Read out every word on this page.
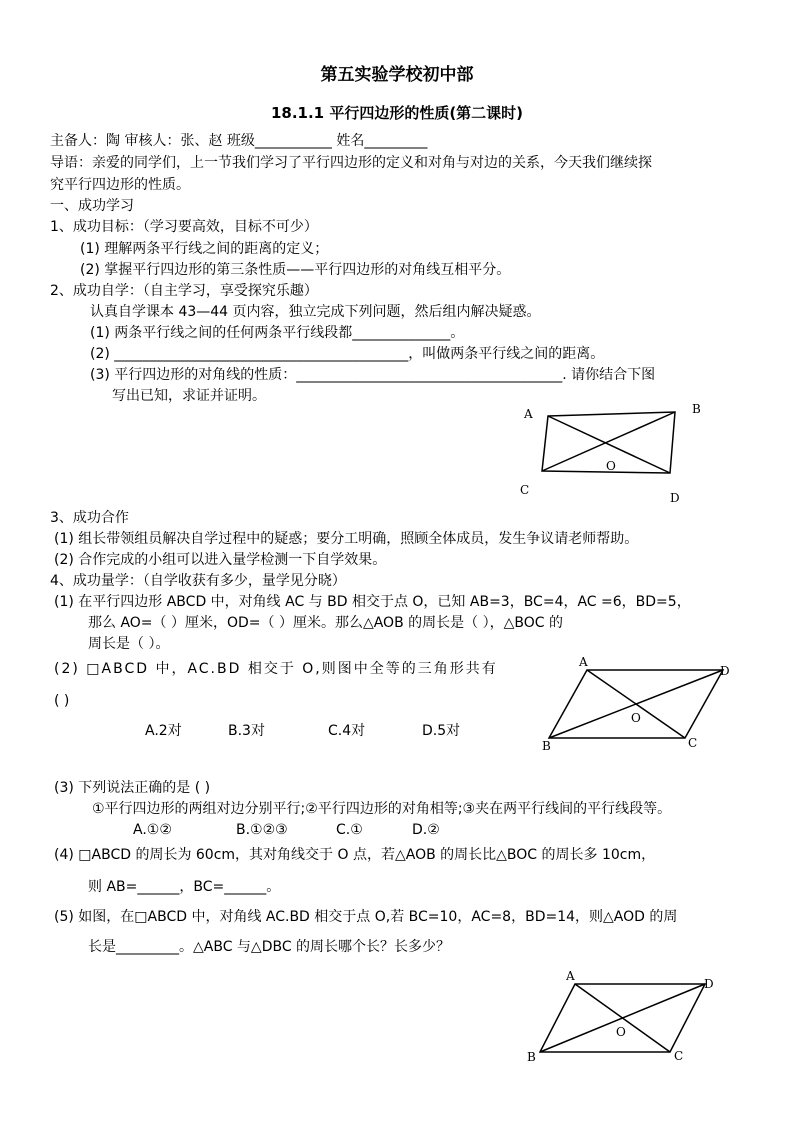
第五实验学校初中部
18.1.1 平行四边形的性质(第二课时)
主备人：陶 审核人：张、赵 班级___________ 姓名_________
导语：亲爱的同学们，上一节我们学习了平行四边形的定义和对角与对边的关系，今天我们继续探
究平行四边形的性质。
一、成功学习
1、成功目标：（学习要高效，目标不可少）
(1) 理解两条平行线之间的距离的定义；
(2) 掌握平行四边形的第三条性质——平行四边形的对角线互相平分。
2、成功自学：（自主学习，享受探究乐趣）
认真自学课本 43—44 页内容，独立完成下列问题，然后组内解决疑惑。
(1) 两条平行线之间的任何两条平行线段都______________。
(2) __________________________________________，叫做两条平行线之间的距离。
(3) 平行四边形的对角线的性质：______________________________________. 请你结合下图
写出已知，求证并证明。
A	B
C
D
O
3、成功合作
(1) 组长带领组员解决自学过程中的疑惑；要分工明确，照顾全体成员，发生争议请老师帮助。
(2) 合作完成的小组可以进入量学检测一下自学效果。
4、成功量学：（自学收获有多少，量学见分晓）
(1) 在平行四边形 ABCD 中，对角线 AC 与 BD 相交于点 O，已知 AB=3，BC=4，AC =6，BD=5，
那么 AO=（ ）厘米，OD=（ ）厘米。那么△AOB 的周长是（ ），△BOC 的
周长是（ ）。
(2) □ABCD 中，AC.BD 相交于 O,则图中全等的三角形共有
( )
A.2对	B.3对	C.4对	D.5对
A
D
B	C
O
(3) 下列说法正确的是 ( )
①平行四边形的两组对边分别平行;②平行四边形的对角相等;③夹在两平行线间的平行线段等。
A.①②	B.①②③	C.①	D.②
(4) □ABCD 的周长为 60cm，其对角线交于 O 点，若△AOB 的周长比△BOC 的周长多 10cm，
则 AB=______，BC=______。
(5) 如图，在□ABCD 中，对角线 AC.BD 相交于点 O,若 BC=10，AC=8，BD=14，则△AOD 的周
长是_________。△ABC 与△DBC 的周长哪个长？长多少？
A
D
B	C
O
